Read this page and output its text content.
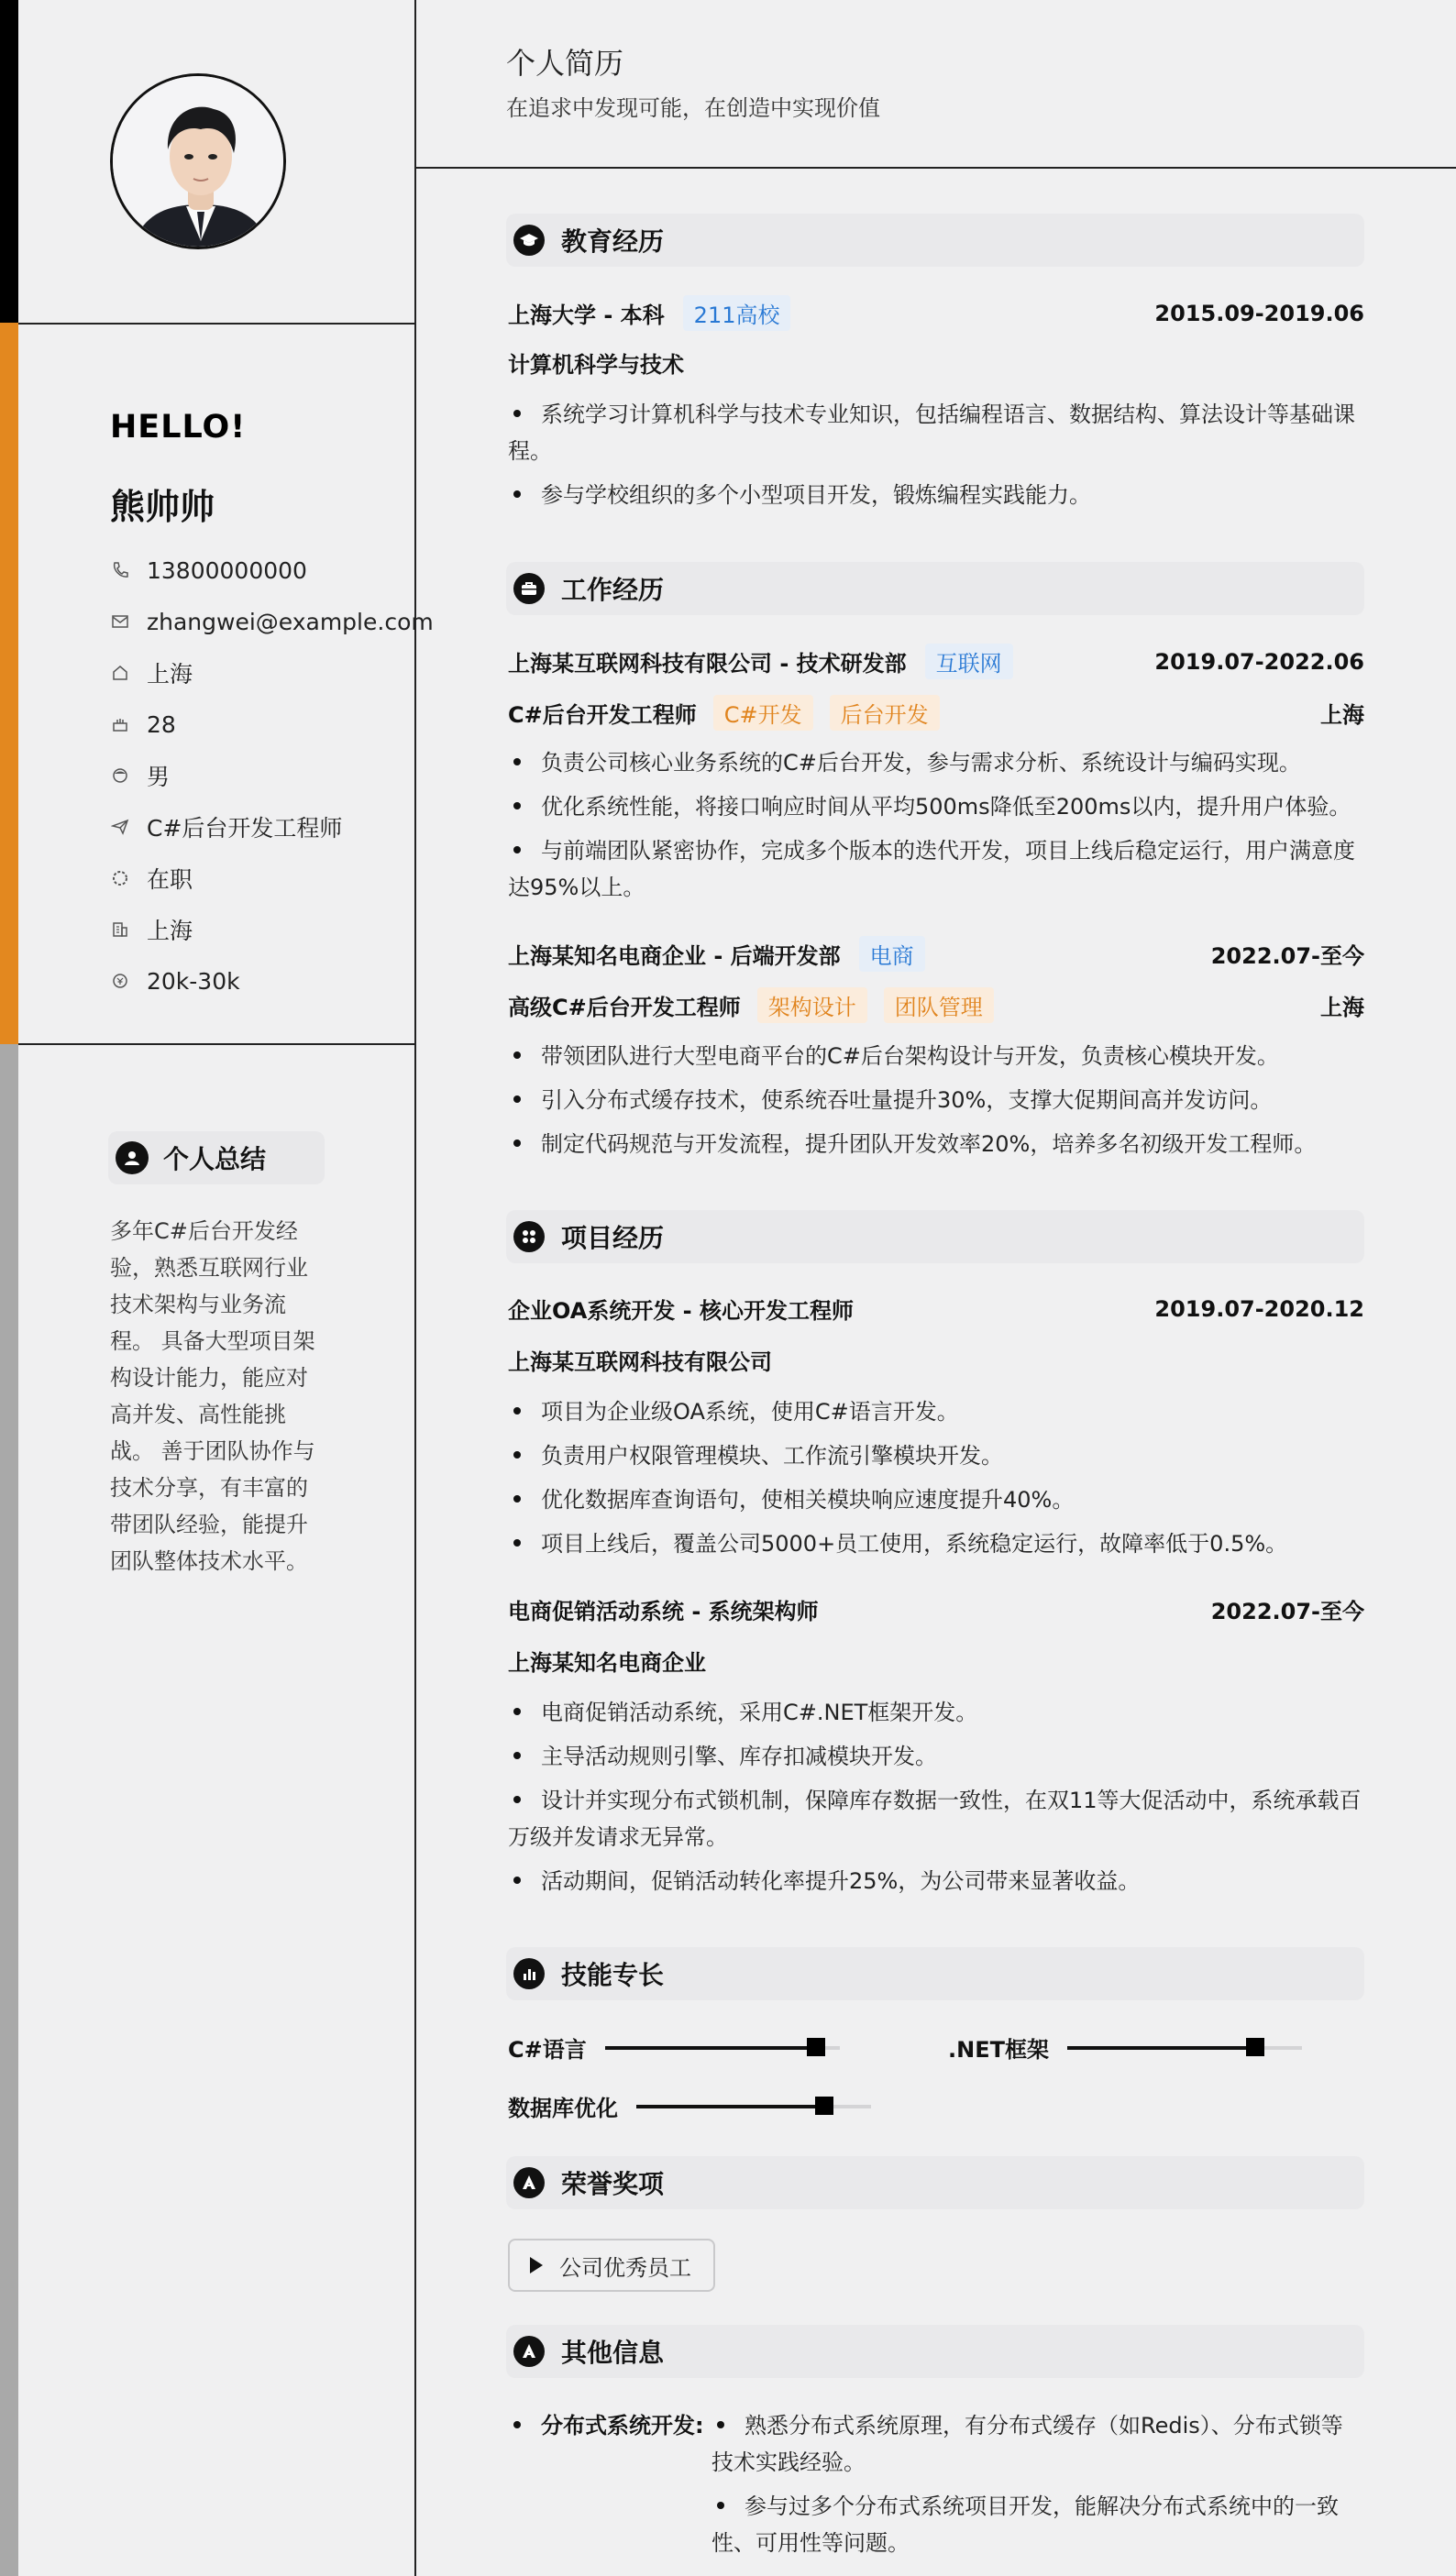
HELLO!
熊帅帅
13800000000
zhangwei@example.com
上海
28
男
C#后台开发工程师
在职
上海
20k-30k
个人总结
多年C#后台开发经验，熟悉互联网行业技术架构与业务流程。 具备大型项目架构设计能力，能应对高并发、高性能挑战。 善于团队协作与技术分享，有丰富的带团队经验，能提升团队整体技术水平。
个人简历
在追求中发现可能，在创造中实现价值
教育经历
上海大学 - 本科	211高校	2015.09-2019.06
计算机科学与技术
系统学习计算机科学与技术专业知识，包括编程语言、数据结构、算法设计等基础课程。
参与学校组织的多个小型项目开发，锻炼编程实践能力。
工作经历
上海某互联网科技有限公司 - 技术研发部	互联网	2019.07-2022.06
C#后台开发工程师	C#开发	后台开发	上海
负责公司核心业务系统的C#后台开发，参与需求分析、系统设计与编码实现。
优化系统性能，将接口响应时间从平均500ms降低至200ms以内，提升用户体验。
与前端团队紧密协作，完成多个版本的迭代开发，项目上线后稳定运行，用户满意度达95%以上。
上海某知名电商企业 - 后端开发部	电商	2022.07-至今
高级C#后台开发工程师	架构设计	团队管理	上海
带领团队进行大型电商平台的C#后台架构设计与开发，负责核心模块开发。
引入分布式缓存技术，使系统吞吐量提升30%，支撑大促期间高并发访问。
制定代码规范与开发流程，提升团队开发效率20%，培养多名初级开发工程师。
项目经历
企业OA系统开发 - 核心开发工程师	2019.07-2020.12
上海某互联网科技有限公司
项目为企业级OA系统，使用C#语言开发。
负责用户权限管理模块、工作流引擎模块开发。
优化数据库查询语句，使相关模块响应速度提升40%。
项目上线后，覆盖公司5000+员工使用，系统稳定运行，故障率低于0.5%。
电商促销活动系统 - 系统架构师	2022.07-至今
上海某知名电商企业
电商促销活动系统，采用C#.NET框架开发。
主导活动规则引擎、库存扣减模块开发。
设计并实现分布式锁机制，保障库存数据一致性，在双11等大促活动中，系统承载百万级并发请求无异常。
活动期间，促销活动转化率提升25%，为公司带来显著收益。
技能专长
C#语言	.NET框架
数据库优化
荣誉奖项
公司优秀员工
其他信息
分布式系统开发:	熟悉分布式系统原理，有分布式缓存（如Redis）、分布式锁等技术实践经验。
参与过多个分布式系统项目开发，能解决分布式系统中的一致性、可用性等问题。
